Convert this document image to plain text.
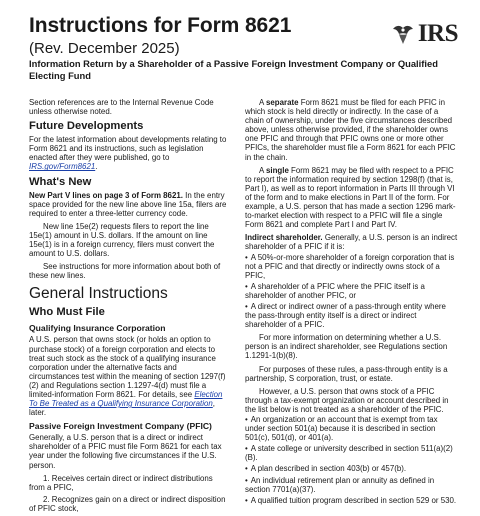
Instructions for Form 8621
(Rev. December 2025)
Information Return by a Shareholder of a Passive Foreign Investment Company or Qualified Electing Fund
IRS

Section references are to the Internal Revenue Code unless otherwise noted.

Future Developments

For the latest information about developments relating to Form 8621 and its instructions, such as legislation enacted after they were published, go to IRS.gov/Form8621.

What's New

New Part V lines on page 3 of Form 8621. In the entry space provided for the new line above line 15a, filers are required to enter a three-letter currency code.

New line 15e(2) requests filers to report the line 15e(1) amount in U.S. dollars. If the amount on line 15e(1) is in a foreign currency, filers must convert the amount to U.S. dollars.

See instructions for more information about both of these new lines.

General Instructions
Who Must File
Qualifying Insurance Corporation

A U.S. person that owns stock (or holds an option to purchase stock) of a foreign corporation and elects to treat such stock as the stock of a qualifying insurance corporation under the alternative facts and circumstances test within the meaning of section 1297(f)(2) and Regulations section 1.1297-4(d) must file a limited-information Form 8621. For details, see Election To Be Treated as a Qualifying Insurance Corporation, later.

Passive Foreign Investment Company (PFIC)

Generally, a U.S. person that is a direct or indirect shareholder of a PFIC must file Form 8621 for each tax year under the following five circumstances if the U.S. person.

1. Receives certain direct or indirect distributions from a PFIC,

2. Recognizes gain on a direct or indirect disposition of PFIC stock,

A separate Form 8621 must be filed for each PFIC in which stock is held directly or indirectly. In the case of a chain of ownership, under the five circumstances described above, unless otherwise provided, if the shareholder owns one PFIC and through that PFIC owns one or more other PFICs, the shareholder must file a Form 8621 for each PFIC in the chain.

A single Form 8621 may be filed with respect to a PFIC to report the information required by section 1298(f) (that is, Part I), as well as to report information in Parts III through VI of the form and to make elections in Part II of the form. For example, a U.S. person that has made a section 1296 mark-to-market election with respect to a PFIC will file a single Form 8621 and complete Part I and Part IV.

Indirect shareholder. Generally, a U.S. person is an indirect shareholder of a PFIC if it is:

• A 50%-or-more shareholder of a foreign corporation that is not a PFIC and that directly or indirectly owns stock of a PFIC,
• A shareholder of a PFIC where the PFIC itself is a shareholder of another PFIC, or
• A direct or indirect owner of a pass-through entity where the pass-through entity itself is a direct or indirect shareholder of a PFIC.

For more information on determining whether a U.S. person is an indirect shareholder, see Regulations section 1.1291-1(b)(8).

For purposes of these rules, a pass-through entity is a partnership, S corporation, trust, or estate.

However, a U.S. person that owns stock of a PFIC through a tax-exempt organization or account described in the list below is not treated as a shareholder of the PFIC.

• An organization or an account that is exempt from tax under section 501(a) because it is described in section 501(c), 501(d), or 401(a).
• A state college or university described in section 511(a)(2)(B).
• A plan described in section 403(b) or 457(b).
• An individual retirement plan or annuity as defined in section 7701(a)(37).
• A qualified tuition program described in section 529 or 530.
